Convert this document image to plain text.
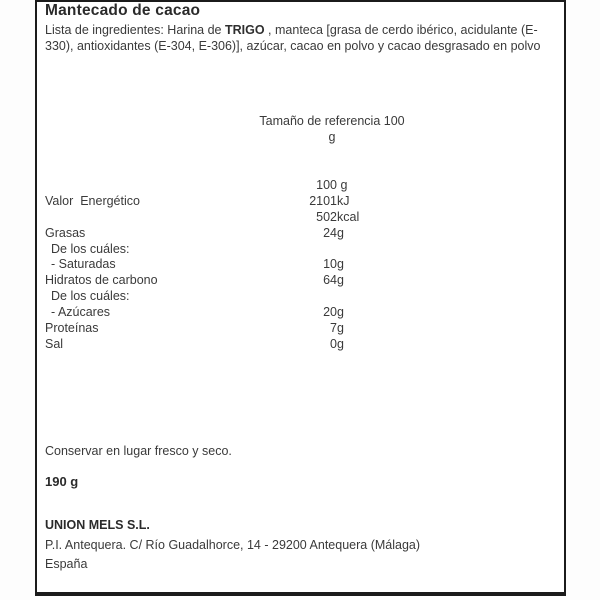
Mantecado de cacao

Lista de ingredientes: Harina de TRIGO , manteca [grasa de cerdo ibérico, acidulante (E-330), antioxidantes (E-304, E-306)], azúcar, cacao en polvo y cacao desgrasado en polvo

Tamaño de referencia 100
g
100 g
Valor  Energético	2101 kJ
502 kcal
Grasas	24 g
De los cuáles:
- Saturadas	10 g
Hidratos de carbono	64 g
De los cuáles:
- Azúcares	20 g
Proteínas	7 g
Sal	0 g

Conservar en lugar fresco y seco.

190 g

UNION MELS S.L.
P.I. Antequera. C/ Río Guadalhorce, 14 - 29200 Antequera (Málaga)
España
